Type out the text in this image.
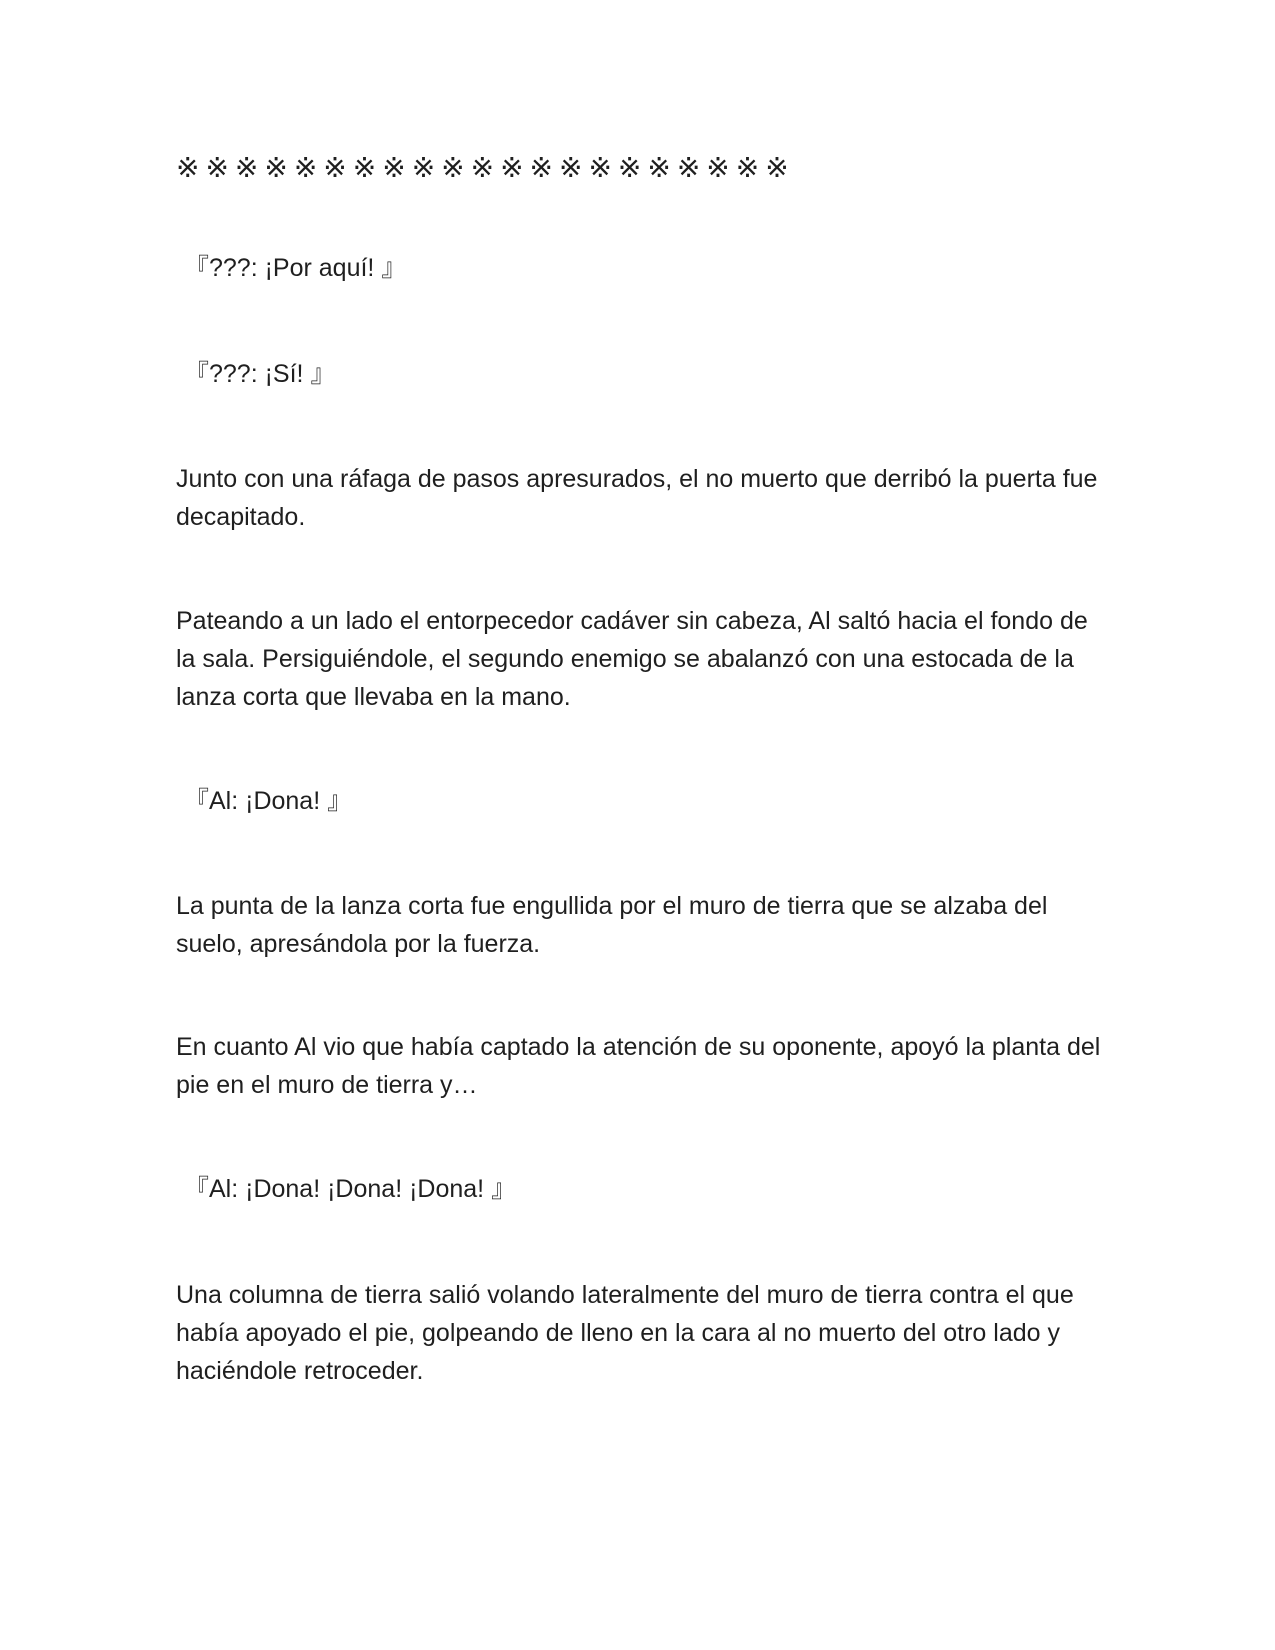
※※※※※※※※※※※※※※※※※※※※※

『???: ¡Por aquí! 』

『???: ¡Sí! 』

Junto con una ráfaga de pasos apresurados, el no muerto que derribó la puerta fue decapitado.

Pateando a un lado el entorpecedor cadáver sin cabeza, Al saltó hacia el fondo de la sala. Persiguiéndole, el segundo enemigo se abalanzó con una estocada de la lanza corta que llevaba en la mano.

『Al: ¡Dona! 』

La punta de la lanza corta fue engullida por el muro de tierra que se alzaba del suelo, apresándola por la fuerza.

En cuanto Al vio que había captado la atención de su oponente, apoyó la planta del pie en el muro de tierra y…

『Al: ¡Dona! ¡Dona! ¡Dona! 』

Una columna de tierra salió volando lateralmente del muro de tierra contra el que había apoyado el pie, golpeando de lleno en la cara al no muerto del otro lado y haciéndole retroceder.
